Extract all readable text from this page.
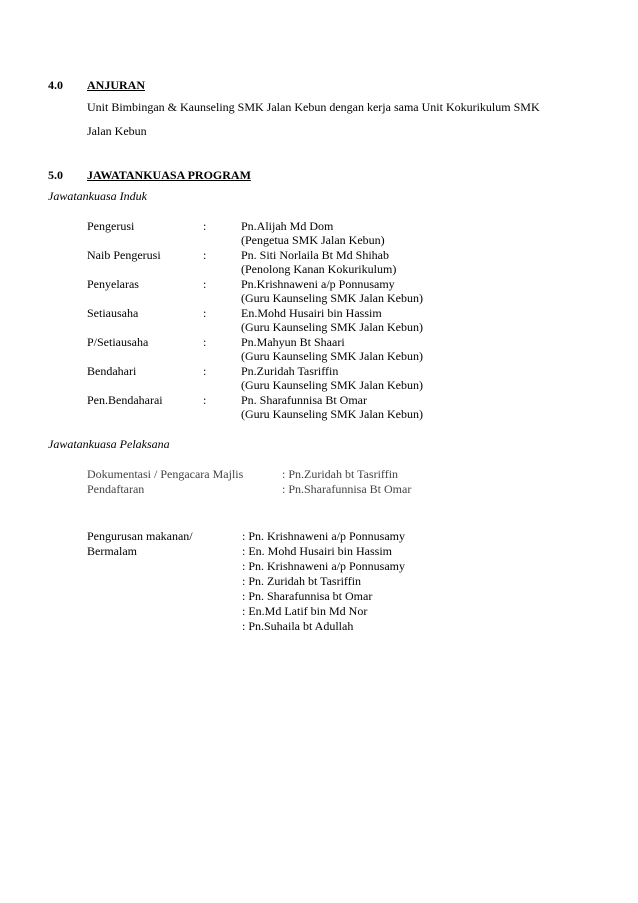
4.0 ANJURAN
Unit Bimbingan & Kaunseling SMK Jalan Kebun dengan kerja sama Unit Kokurikulum SMK
Jalan Kebun
5.0 JAWATANKUASA PROGRAM
Jawatankuasa Induk
Pengerusi	:	Pn.Alijah Md Dom
(Pengetua SMK Jalan Kebun)
Naib Pengerusi	:	Pn. Siti Norlaila Bt Md Shihab
(Penolong Kanan Kokurikulum)
Penyelaras	:	Pn.Krishnaweni a/p Ponnusamy
(Guru Kaunseling SMK Jalan Kebun)
Setiausaha	:	En.Mohd Husairi bin Hassim
(Guru Kaunseling SMK Jalan Kebun)
P/Setiausaha	:	Pn.Mahyun Bt Shaari
(Guru Kaunseling SMK Jalan Kebun)
Bendahari	:	Pn.Zuridah Tasriffin
(Guru Kaunseling SMK Jalan Kebun)
Pen.Bendaharai	:	Pn. Sharafunnisa Bt Omar
(Guru Kaunseling SMK Jalan Kebun)
Jawatankuasa Pelaksana
Dokumentasi / Pengacara Majlis	: Pn.Zuridah bt Tasriffin
Pendaftaran	: Pn.Sharafunnisa Bt Omar
Pengurusan makanan/
Bermalam
: Pn. Krishnaweni a/p Ponnusamy
: En. Mohd Husairi bin Hassim
: Pn. Krishnaweni a/p Ponnusamy
: Pn. Zuridah bt Tasriffin
: Pn. Sharafunnisa bt Omar
: En.Md Latif bin Md Nor
: Pn.Suhaila bt Adullah
